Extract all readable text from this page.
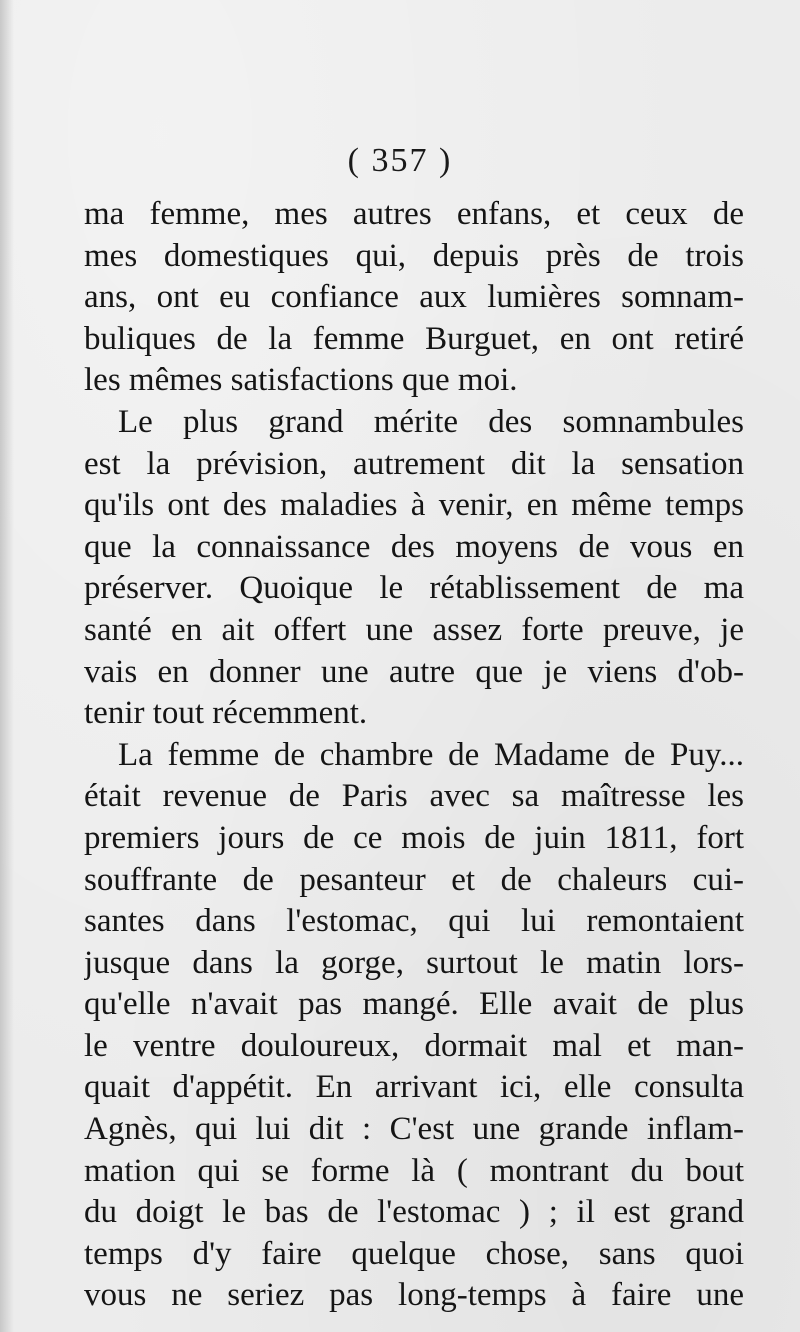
( 357 )

ma femme, mes autres enfans, et ceux de
mes domestiques qui, depuis près de trois
ans, ont eu confiance aux lumières somnam-
buliques de la femme Burguet, en ont retiré
les mêmes satisfactions que moi.
Le plus grand mérite des somnambules
est la prévision, autrement dit la sensation
qu'ils ont des maladies à venir, en même temps
que la connaissance des moyens de vous en
préserver. Quoique le rétablissement de ma
santé en ait offert une assez forte preuve, je
vais en donner une autre que je viens d'ob-
tenir tout récemment.
La femme de chambre de Madame de Puy...
était revenue de Paris avec sa maîtresse les
premiers jours de ce mois de juin 1811, fort
souffrante de pesanteur et de chaleurs cui-
santes dans l'estomac, qui lui remontaient
jusque dans la gorge, surtout le matin lors-
qu'elle n'avait pas mangé. Elle avait de plus
le ventre douloureux, dormait mal et man-
quait d'appétit. En arrivant ici, elle consulta
Agnès, qui lui dit : C'est une grande inflam-
mation qui se forme là ( montrant du bout
du doigt le bas de l'estomac ) ; il est grand
temps d'y faire quelque chose, sans quoi
vous ne seriez pas long-temps à faire une
